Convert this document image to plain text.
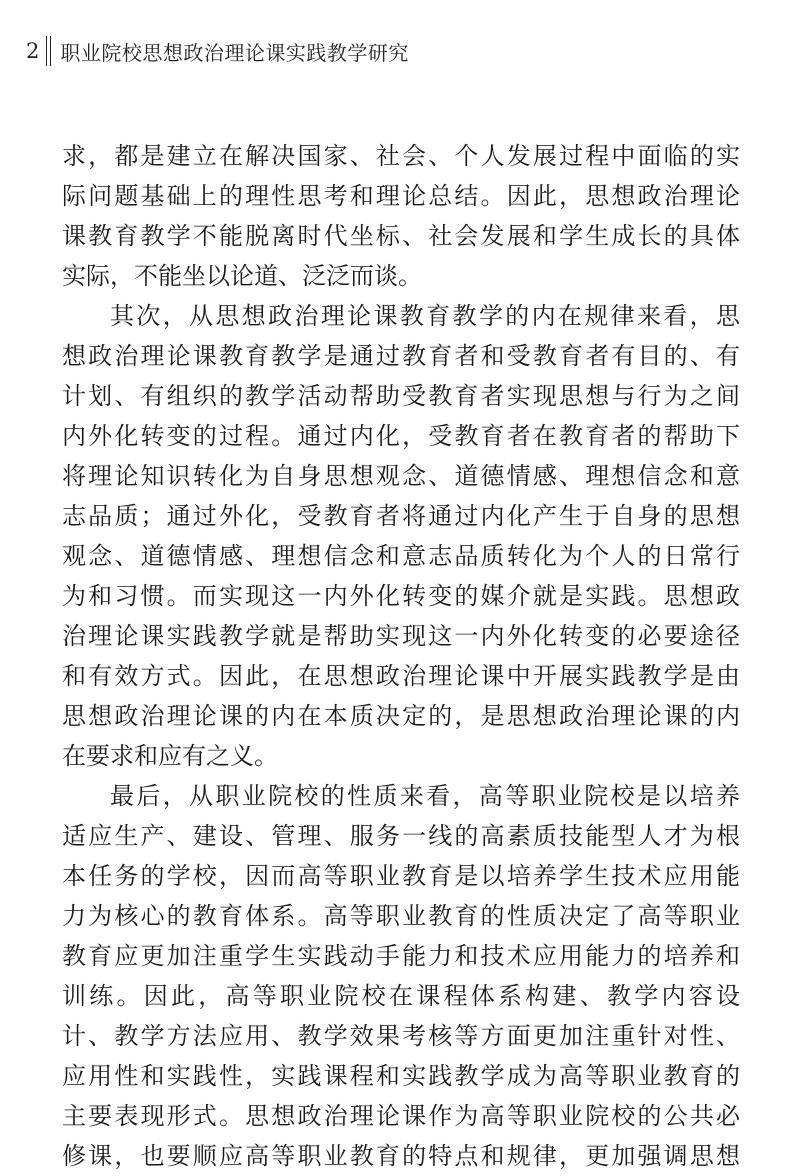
2 职业院校思想政治理论课实践教学研究
求，都是建立在解决国家、社会、个人发展过程中面临的实
际问题基础上的理性思考和理论总结。因此，思想政治理论
课教育教学不能脱离时代坐标、社会发展和学生成长的具体
实际，不能坐以论道、泛泛而谈。
其次，从思想政治理论课教育教学的内在规律来看，思
想政治理论课教育教学是通过教育者和受教育者有目的、有
计划、有组织的教学活动帮助受教育者实现思想与行为之间
内外化转变的过程。通过内化，受教育者在教育者的帮助下
将理论知识转化为自身思想观念、道德情感、理想信念和意
志品质；通过外化，受教育者将通过内化产生于自身的思想
观念、道德情感、理想信念和意志品质转化为个人的日常行
为和习惯。而实现这一内外化转变的媒介就是实践。思想政
治理论课实践教学就是帮助实现这一内外化转变的必要途径
和有效方式。因此，在思想政治理论课中开展实践教学是由
思想政治理论课的内在本质决定的，是思想政治理论课的内
在要求和应有之义。
最后，从职业院校的性质来看，高等职业院校是以培养
适应生产、建设、管理、服务一线的高素质技能型人才为根
本任务的学校，因而高等职业教育是以培养学生技术应用能
力为核心的教育体系。高等职业教育的性质决定了高等职业
教育应更加注重学生实践动手能力和技术应用能力的培养和
训练。因此，高等职业院校在课程体系构建、教学内容设
计、教学方法应用、教学效果考核等方面更加注重针对性、
应用性和实践性，实践课程和实践教学成为高等职业教育的
主要表现形式。思想政治理论课作为高等职业院校的公共必
修课，也要顺应高等职业教育的特点和规律，更加强调思想
